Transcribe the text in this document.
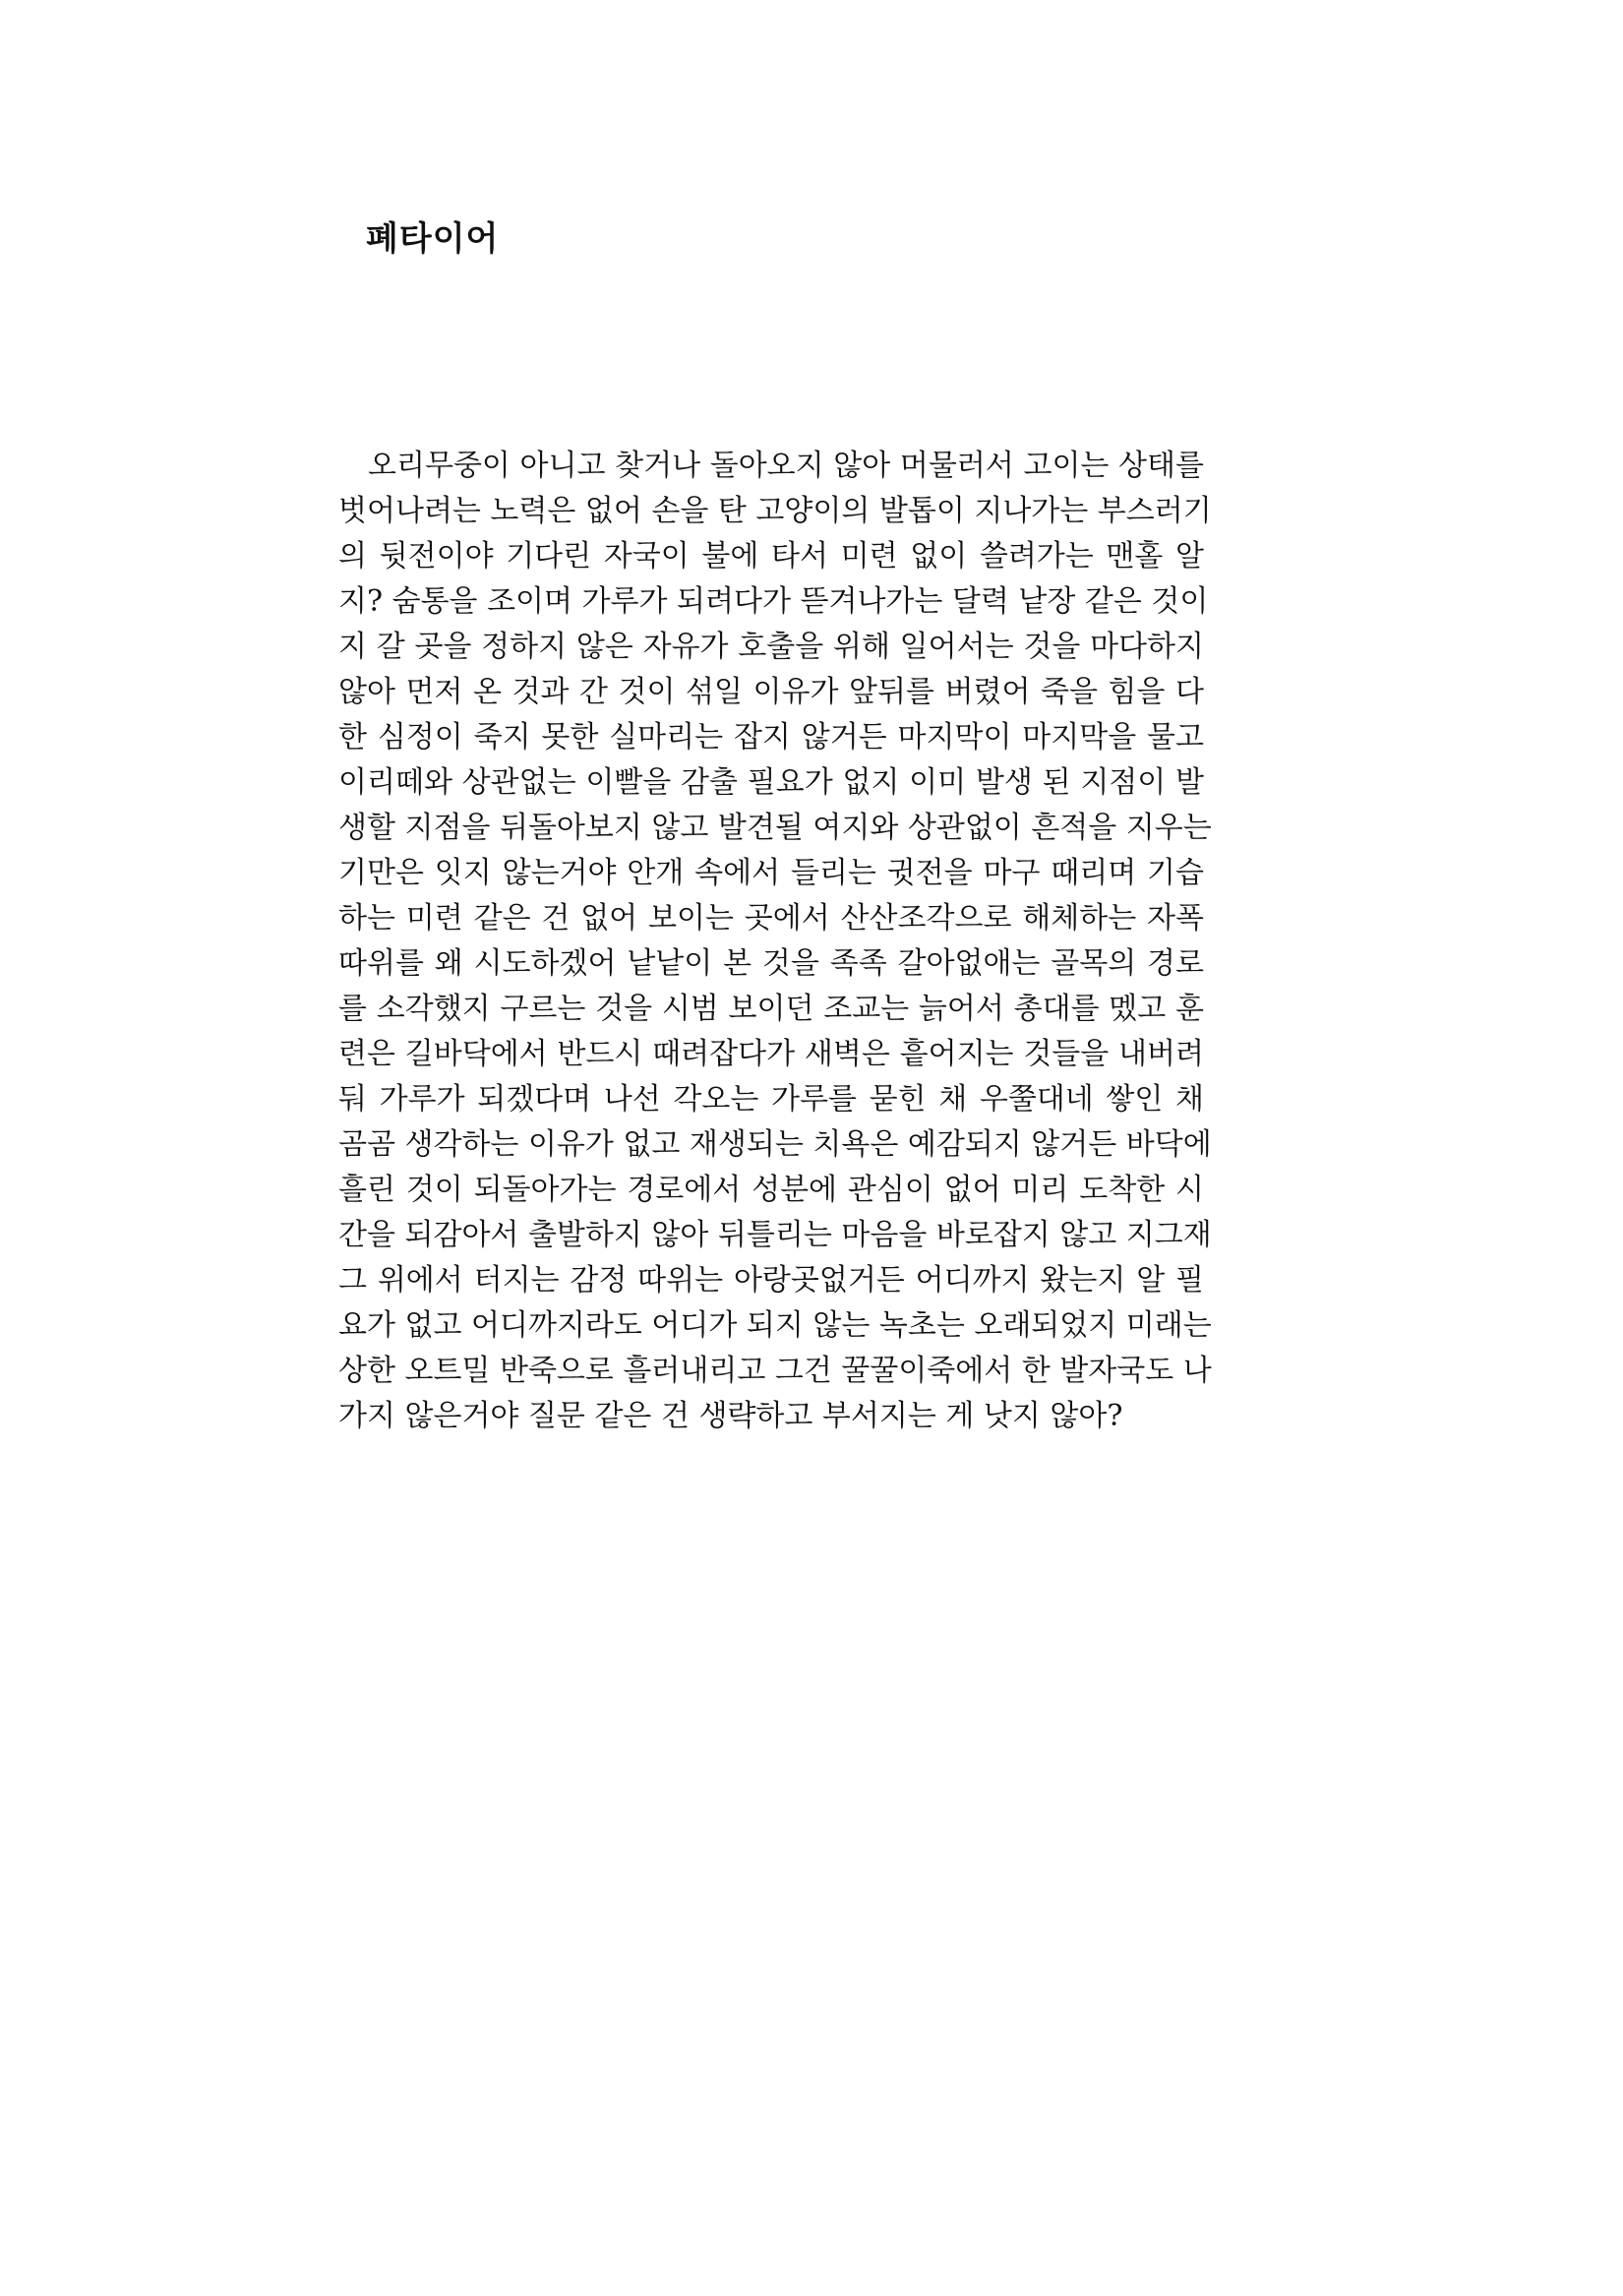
폐타이어
오리무중이 아니고 찾거나 돌아오지 않아 머물러서 고이는 상태를
벗어나려는 노력은 없어 손을 탄 고양이의 발톱이 지나가는 부스러기
의 뒷전이야 기다린 자국이 불에 타서 미련 없이 쓸려가는 맨홀 알
지? 숨통을 조이며 가루가 되려다가 뜯겨나가는 달력 낱장 같은 것이
지 갈 곳을 정하지 않은 자유가 호출을 위해 일어서는 것을 마다하지
않아 먼저 온 것과 간 것이 섞일 이유가 앞뒤를 버렸어 죽을 힘을 다
한 심정이 죽지 못한 실마리는 잡지 않거든 마지막이 마지막을 물고
이리떼와 상관없는 이빨을 감출 필요가 없지 이미 발생 된 지점이 발
생할 지점을 뒤돌아보지 않고 발견될 여지와 상관없이 흔적을 지우는
기만은 잇지 않는거야 안개 속에서 들리는 귓전을 마구 때리며 기습
하는 미련 같은 건 없어 보이는 곳에서 산산조각으로 해체하는 자폭
따위를 왜 시도하겠어 낱낱이 본 것을 족족 갈아없애는 골목의 경로
를 소각했지 구르는 것을 시범 보이던 조교는 늙어서 총대를 멨고 훈
련은 길바닥에서 반드시 때려잡다가 새벽은 흩어지는 것들을 내버려
둬 가루가 되겠다며 나선 각오는 가루를 묻힌 채 우쭐대네 쌓인 채
곰곰 생각하는 이유가 없고 재생되는 치욕은 예감되지 않거든 바닥에
흘린 것이 되돌아가는 경로에서 성분에 관심이 없어 미리 도착한 시
간을 되감아서 출발하지 않아 뒤틀리는 마음을 바로잡지 않고 지그재
그 위에서 터지는 감정 따위는 아랑곳없거든 어디까지 왔는지 알 필
요가 없고 어디까지라도 어디가 되지 않는 녹초는 오래되었지 미래는
상한 오트밀 반죽으로 흘러내리고 그건 꿀꿀이죽에서 한 발자국도 나
가지 않은거야 질문 같은 건 생략하고 부서지는 게 낫지 않아?
